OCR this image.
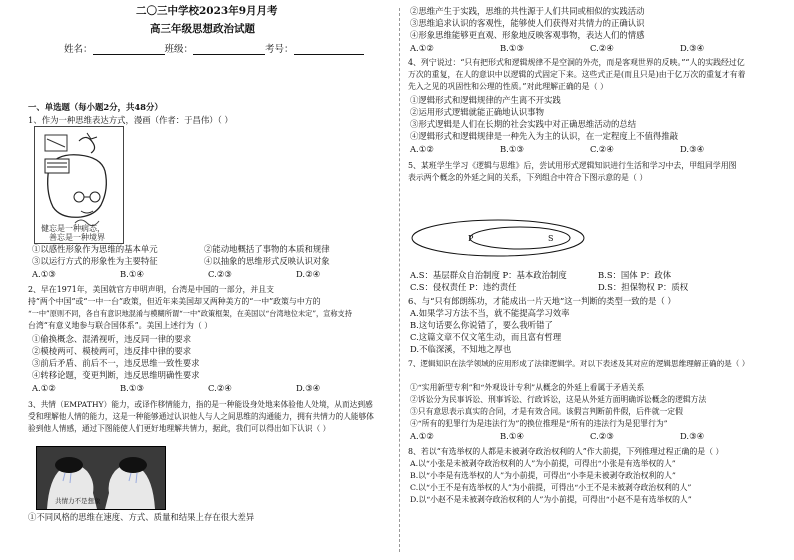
二〇三中学校2023年9月月考
高三年级思想政治试题
姓名：	班级：	考号：
一、单选题（每小题2分，共48分）
1、作为一种思维表达方式，漫画（作者：于昌伟）（ ）
健忘是一种病态，
善忘是一种境界
①以感性形象作为思维的基本单元	②能动地概括了事物的本质和规律
③以运行方式的形象性为主要特征	④以抽象的思维形式反映认识对象
A.①③	B.①④	C.②③	D.②④
2、早在1971年，美国就官方申明声明，台湾是中国的一部分，并且支
持“两个中国”或“一中一台”政策，但近年来美国却又两种美方的“一中”政策与中方的
“一中”原则不同，各自有意识地混淆与模糊所谓“一中”政策框架，在美国以“台湾地位未定”，宣称支持
台湾“有意义地参与联合国体系”。美国上述行为（ ）
①偷换概念、混淆视听，违反同一律的要求
②模棱两可、模棱两可，违反排中律的要求
③前后矛盾、前后不一，违反思维一致性要求
④转移论题，变更判断，违反思维明确性要求
A.①②	B.①③	C.②④	D.③④
3、共情（EMPATHY）能力，或译作移情能力，指的是一种能设身处地来体验他人处境，从而达到感
受和理解他人情的能力，这是一种能够通过认识他人与人之间思维的沟通能力，拥有共情力的人能够体
验到他人情感，通过下图能使人们更好地理解共情力，据此，我们可以得出如下认识（ ）
共情力不是想象
①不同风格的思维在速度、方式、质量和结果上存在很大差异
②思维产生于实践，思维的共性源于人们共同或相似的实践活动
③思维追求认识的客观性，能够使人们获得对共情力的正确认识
④形象思维能够更直观、形象地反映客观事物，表达人们的情感
A.①②	B.①③	C.②④	D.③④
4、列宁说过：“只有把形式和逻辑规律不是空洞的外壳，而是客观世界的反映。”“人的实践经过亿
万次的重复，在人的意识中以逻辑的式固定下来。这些式正是(而且只是)由于亿万次的重复才有着
先入之见的巩固性和公理的性质。”对此理解正确的是（ ）
①逻辑形式和逻辑规律的产生离不开实践
②运用形式逻辑就能正确地认识事物
③形式逻辑是人们在长期的社会实践中对正确思维活动的总结
④逻辑形式和逻辑规律是一种先入为主的认识，在一定程度上不值得推敲
A.①②	B.①③	C.②④	D.③④
5、某班学生学习《逻辑与思维》后，尝试用形式逻辑知识进行生活和学习中去，甲组同学用图
表示两个概念的外延之间的关系，下列组合中符合下图示意的是（ ）
P	S
A.S：基层群众自治制度 P：基本政治制度	B.S：国体 P：政体
C.S：侵权责任 P：违约责任	D.S：担保物权 P：质权
6、与“只有郎朗练功，才能成出一片天地”这一判断的类型一致的是（ ）
A.如果学习方法不当，就不能提高学习效率
B.这句话要么你说错了，要么我听错了
C.这篇文章不仅文笔生动，而且富有哲理
D.不临深溪，不知地之厚也
7、逻辑知识在法学领域的应用形成了法律逻辑学。对以下表述及其对应的逻辑思维理解正确的是（ ）
①“实用新型专利”和“外观设计专利”从概念的外延上看属于矛盾关系
②诉讼分为民事诉讼、刑事诉讼、行政诉讼，这是从外延方面明确诉讼概念的逻辑方法
③只有意思表示真实的合同，才是有效合同。该假言判断前件假，后件就一定假
④“所有的犯罪行为是违法行为”的换位推理是“所有的违法行为是犯罪行为”
A.①②	B.①④	C.②③	D.③④
8、若以“有选举权的人都是未被剥夺政治权利的人”作大前提，下列推理过程正确的是（ ）
A.以“小张是未被剥夺政治权利的人”为小前提，可得出“小张是有选举权的人”
B.以“小李是有选举权的人”为小前提，可得出“小李是未被剥夺政治权利的人”
C.以“小王不是有选举权的人”为小前提，可得出“小王不是未被剥夺政治权利的人”
D.以“小赵不是未被剥夺政治权利的人”为小前提，可得出“小赵不是有选举权的人”
